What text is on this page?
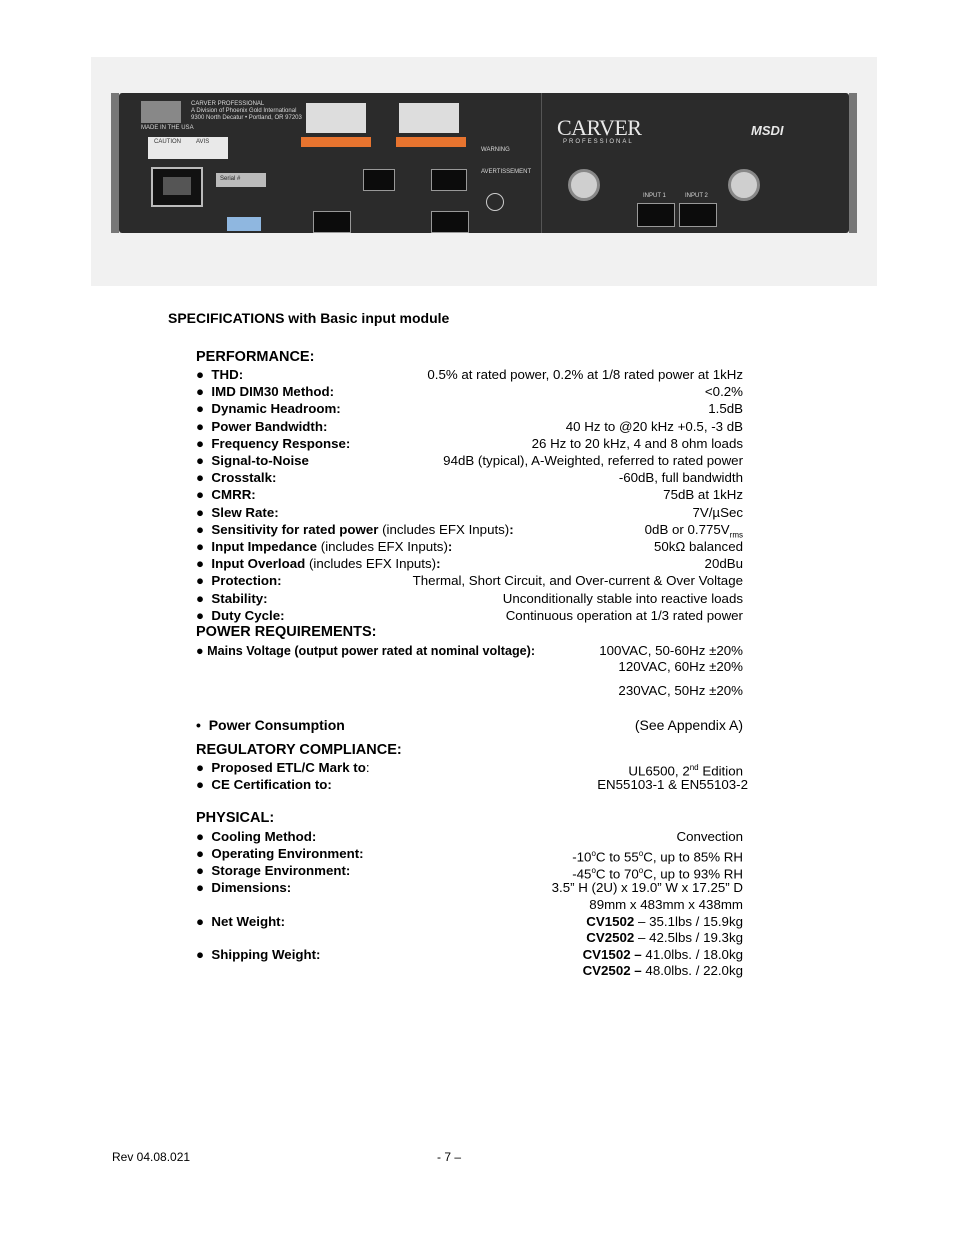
CARVER PROFESSIONAL
A Division of Phoenix Gold International
9300 North Decatur • Portland, OR 97203
MADE IN THE USA
CAUTION	AVIS
Serial #
WARNING
AVERTISSEMENT
CARVER
PROFESSIONAL
MSDI
INPUT 1	INPUT 2
SPECIFICATIONS with Basic input module
PERFORMANCE:
●  THD:	0.5% at rated power, 0.2% at 1/8 rated power at 1kHz
●  IMD DIM30 Method:	<0.2%
●  Dynamic Headroom:	1.5dB
●  Power Bandwidth:	40 Hz to @20 kHz +0.5, -3 dB
●  Frequency Response:	26 Hz to 20 kHz, 4 and 8 ohm loads
●  Signal-to-Noise	94dB (typical), A-Weighted, referred to rated power
●  Crosstalk:	-60dB, full bandwidth
●  CMRR:	75dB at 1kHz
●  Slew Rate:	7V/µSec
●  Sensitivity for rated power (includes EFX Inputs):	0dB or $0.775V_{rms}$
●  Input Impedance (includes EFX Inputs):	50kΩ balanced
●  Input Overload (includes EFX Inputs):	20dBu
●  Protection:	Thermal, Short Circuit, and Over-current & Over Voltage
●  Stability:	Unconditionally stable into reactive loads
●  Duty Cycle:	Continuous operation at 1/3 rated power
POWER REQUIREMENTS:
● Mains Voltage (output power rated at nominal voltage):	100VAC, 50-60Hz ±20%
120VAC, 60Hz ±20%
230VAC, 50Hz ±20%
•  Power Consumption	(See Appendix A)
REGULATORY COMPLIANCE:
●  Proposed ETL/C Mark to:	UL6500, 2nd Edition
●  CE Certification to:	EN55103-1 & EN55103-2
PHYSICAL:
●  Cooling Method:	Convection
●  Operating Environment:	-10$^o$C to 55$^o$C, up to 85% RH
●  Storage Environment:	-45$^o$C to 70$^o$C, up to 93% RH
●  Dimensions:	3.5” H (2U) x 19.0” W x 17.25” D
89mm x 483mm x 438mm
●  Net Weight:	CV1502 – 35.1lbs / 15.9kg
CV2502 – 42.5lbs / 19.3kg
●  Shipping Weight:	CV1502 – 41.0lbs. / 18.0kg
CV2502 – 48.0lbs. / 22.0kg
Rev 04.08.021	- 7 –
